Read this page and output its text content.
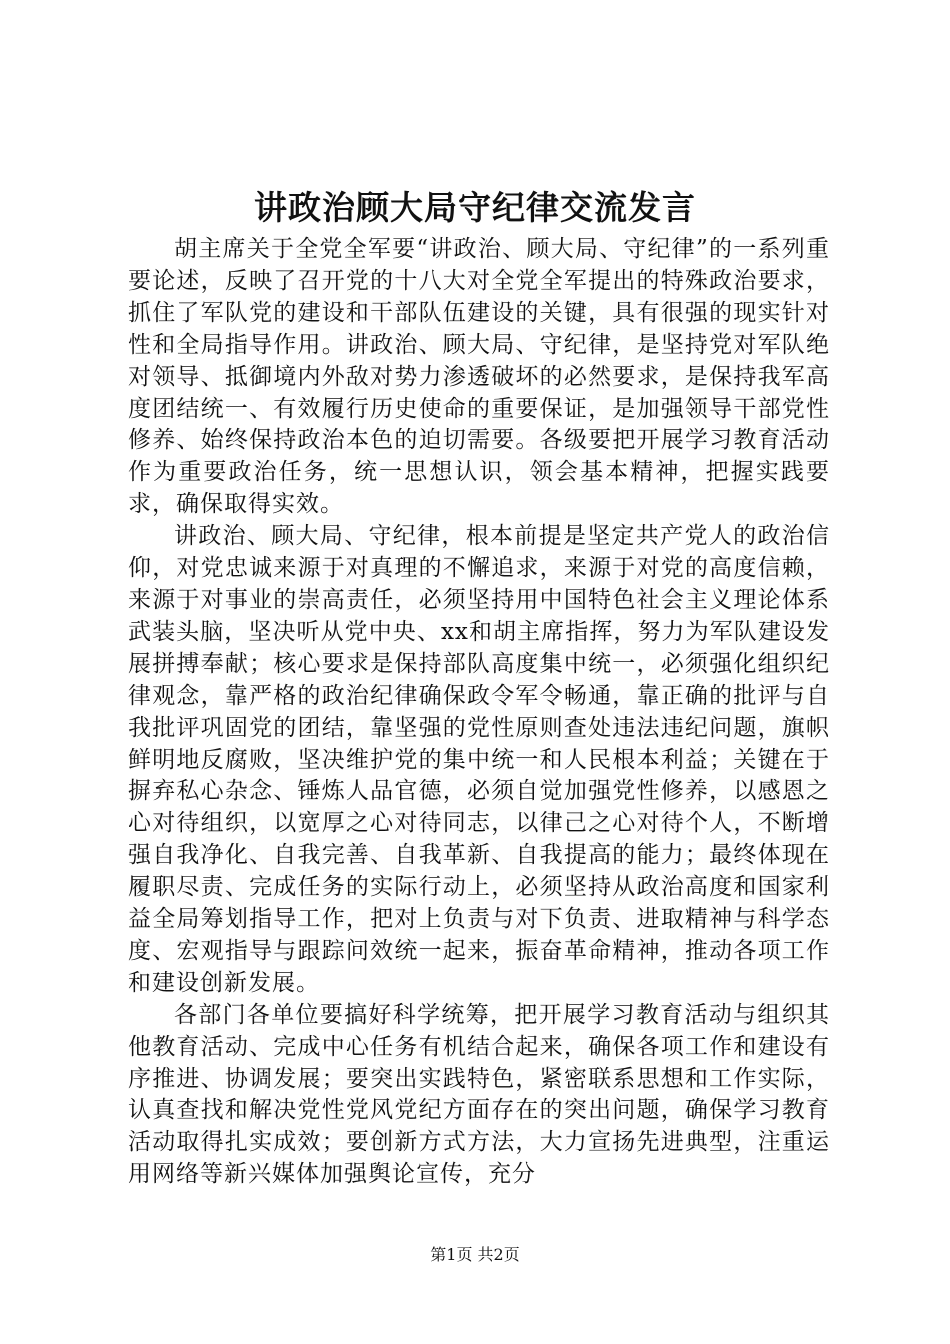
讲政治顾大局守纪律交流发言

胡主席关于全党全军要“讲政治、顾大局、守纪律”的一系列重要论述，反映了召开党的十八大对全党全军提出的特殊政治要求，抓住了军队党的建设和干部队伍建设的关键，具有很强的现实针对性和全局指导作用。讲政治、顾大局、守纪律，是坚持党对军队绝对领导、抵御境内外敌对势力渗透破坏的必然要求，是保持我军高度团结统一、有效履行历史使命的重要保证，是加强领导干部党性修养、始终保持政治本色的迫切需要。各级要把开展学习教育活动作为重要政治任务，统一思想认识，领会基本精神，把握实践要求，确保取得实效。

讲政治、顾大局、守纪律，根本前提是坚定共产党人的政治信仰，对党忠诚来源于对真理的不懈追求，来源于对党的高度信赖，来源于对事业的崇高责任，必须坚持用中国特色社会主义理论体系武装头脑，坚决听从党中央、xx和胡主席指挥，努力为军队建设发展拼搏奉献；核心要求是保持部队高度集中统一，必须强化组织纪律观念，靠严格的政治纪律确保政令军令畅通，靠正确的批评与自我批评巩固党的团结，靠坚强的党性原则查处违法违纪问题，旗帜鲜明地反腐败，坚决维护党的集中统一和人民根本利益；关键在于摒弃私心杂念、锤炼人品官德，必须自觉加强党性修养，以感恩之心对待组织，以宽厚之心对待同志，以律己之心对待个人，不断增强自我净化、自我完善、自我革新、自我提高的能力；最终体现在履职尽责、完成任务的实际行动上，必须坚持从政治高度和国家利益全局筹划指导工作，把对上负责与对下负责、进取精神与科学态度、宏观指导与跟踪问效统一起来，振奋革命精神，推动各项工作和建设创新发展。

各部门各单位要搞好科学统筹，把开展学习教育活动与组织其他教育活动、完成中心任务有机结合起来，确保各项工作和建设有序推进、协调发展；要突出实践特色，紧密联系思想和工作实际，认真查找和解决党性党风党纪方面存在的突出问题，确保学习教育活动取得扎实成效；要创新方式方法，大力宣扬先进典型，注重运用网络等新兴媒体加强舆论宣传，充分

第1页 共2页
